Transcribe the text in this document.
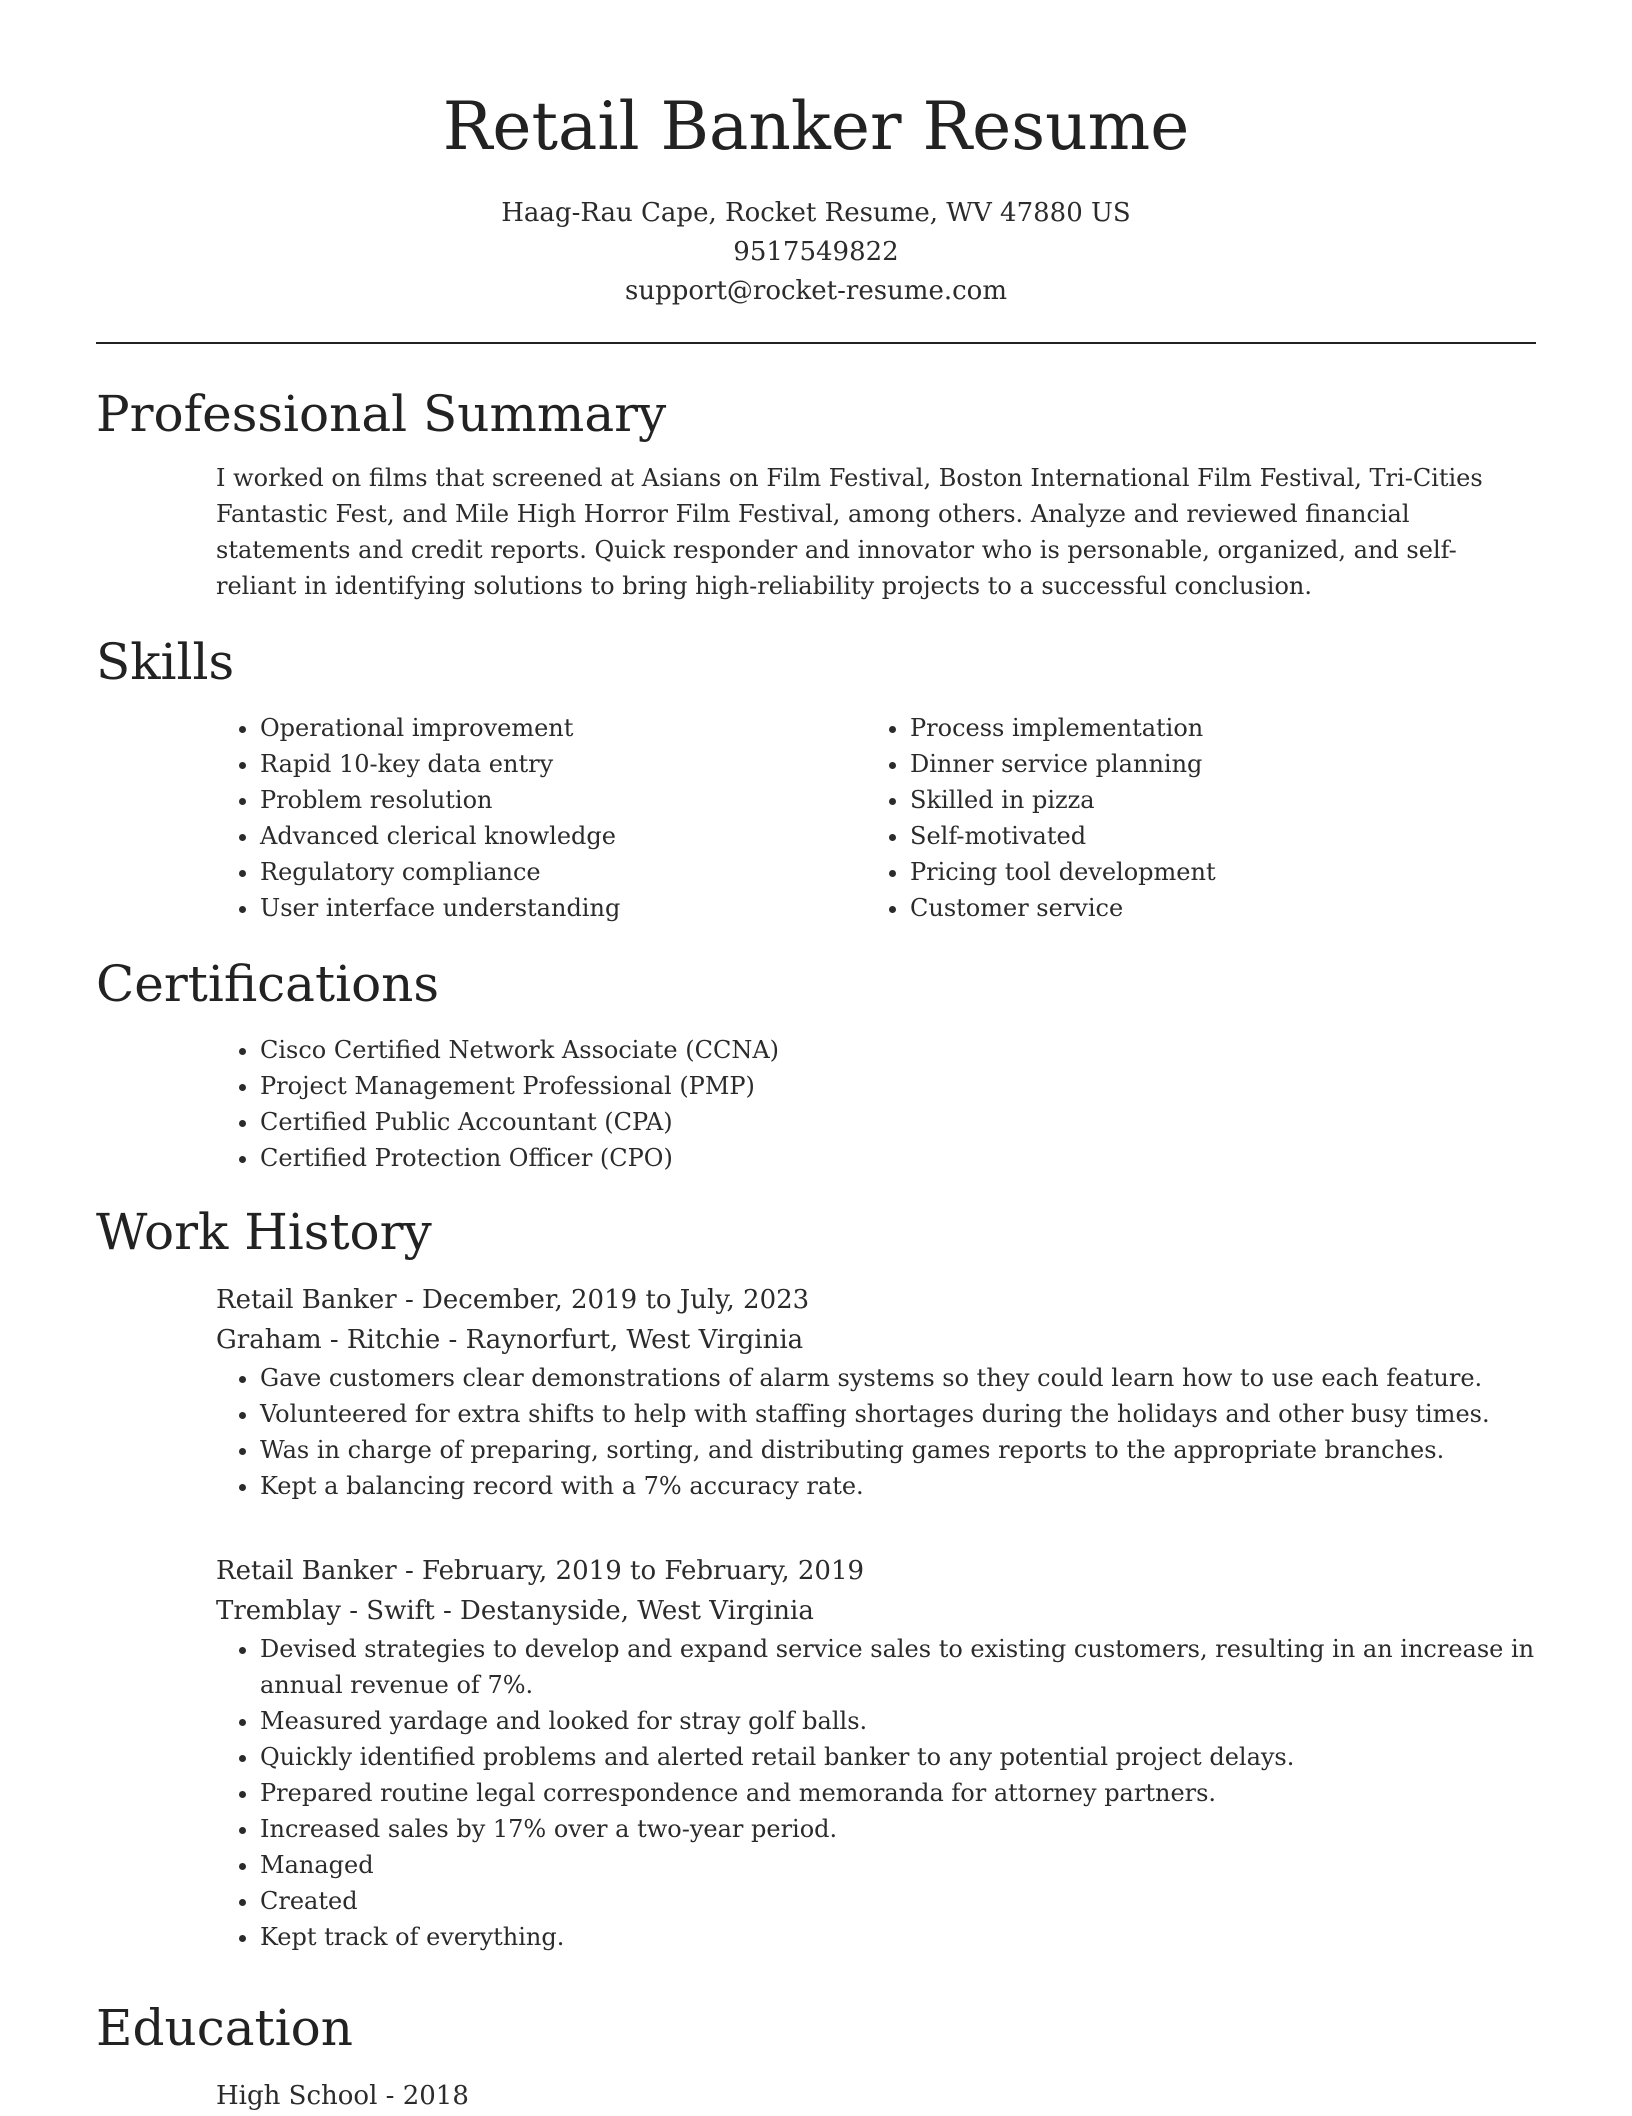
Retail Banker Resume
Haag-Rau Cape, Rocket Resume, WV 47880 US
9517549822
support@rocket-resume.com
Professional Summary

I worked on films that screened at Asians on Film Festival, Boston International Film Festival, Tri-Cities Fantastic Fest, and Mile High Horror Film Festival, among others. Analyze and reviewed financial statements and credit reports. Quick responder and innovator who is personable, organized, and self-reliant in identifying solutions to bring high-reliability projects to a successful conclusion.

Skills
• Operational improvement
• Rapid 10-key data entry
• Problem resolution
• Advanced clerical knowledge
• Regulatory compliance
• User interface understanding
• Process implementation
• Dinner service planning
• Skilled in pizza
• Self-motivated
• Pricing tool development
• Customer service
Certifications
• Cisco Certified Network Associate (CCNA)
• Project Management Professional (PMP)
• Certified Public Accountant (CPA)
• Certified Protection Officer (CPO)
Work History

Retail Banker - December, 2019 to July, 2023

Graham - Ritchie - Raynorfurt, West Virginia

• Gave customers clear demonstrations of alarm systems so they could learn how to use each feature.
• Volunteered for extra shifts to help with staffing shortages during the holidays and other busy times.
• Was in charge of preparing, sorting, and distributing games reports to the appropriate branches.
• Kept a balancing record with a 7% accuracy rate.

Retail Banker - February, 2019 to February, 2019

Tremblay - Swift - Destanyside, West Virginia

• Devised strategies to develop and expand service sales to existing customers, resulting in an increase in annual revenue of 7%.
• Measured yardage and looked for stray golf balls.
• Quickly identified problems and alerted retail banker to any potential project delays.
• Prepared routine legal correspondence and memoranda for attorney partners.
• Increased sales by 17% over a two-year period.
• Managed
• Created
• Kept track of everything.
Education
High School - 2018
